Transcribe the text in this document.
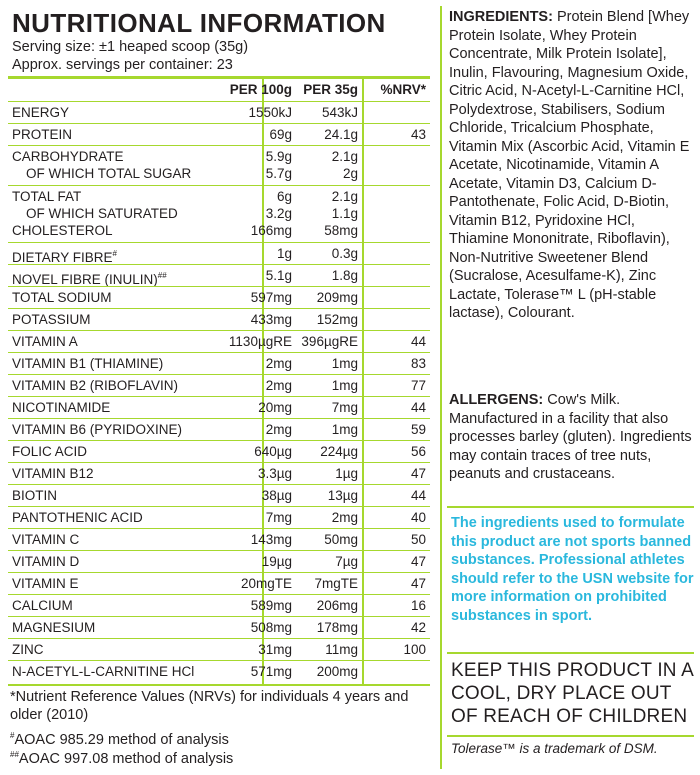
NUTRITIONAL INFORMATION
Serving size: ±1 heaped scoop (35g)
Approx. servings per container: 23
PER 100g PER 35g %NRV*
ENERGY	1550kJ 543kJ
PROTEIN	69g 24.1g	43
CARBOHYDRATE	5.9g	2.1g
OF WHICH TOTAL SUGAR	5.7g	2g
TOTAL FAT	6g	2.1g
OF WHICH SATURATED	3.2g	1.1g
CHOLESTEROL	166mg 58mg
DIETARY FIBRE#	1g	0.3g
NOVEL FIBRE (INULIN)##	5.1g	1.8g
TOTAL SODIUM	597mg 209mg
POTASSIUM	433mg 152mg
VITAMIN A	1130µgRE 396µgRE	44
VITAMIN B1 (THIAMINE)	2mg	1mg	83
VITAMIN B2 (RIBOFLAVIN)	2mg	1mg	77
NICOTINAMIDE	20mg	7mg	44
VITAMIN B6 (PYRIDOXINE)	2mg	1mg	59
FOLIC ACID	640µg 224µg	56
VITAMIN B12	3.3µg	1µg	47
BIOTIN	38µg	13µg	44
PANTOTHENIC ACID	7mg	2mg	40
VITAMIN C	143mg 50mg	50
VITAMIN D	19µg	7µg	47
VITAMIN E	20mgTE 7mgTE	47
CALCIUM	589mg 206mg	16
MAGNESIUM	508mg 178mg	42
ZINC	31mg 11mg	100
N-ACETYL-L-CARNITINE HCl	571mg 200mg
*Nutrient Reference Values (NRVs) for individuals 4 years and older (2010)
#AOAC 985.29 method of analysis
##AOAC 997.08 method of analysis
INGREDIENTS: Protein Blend [Whey Protein Isolate, Whey Protein Concentrate, Milk Protein Isolate], Inulin, Flavouring, Magnesium Oxide, Citric Acid, N-Acetyl-L-Carnitine HCl, Polydextrose, Stabilisers, Sodium Chloride, Tricalcium Phosphate, Vitamin Mix (Ascorbic Acid, Vitamin E Acetate, Nicotinamide, Vitamin A Acetate, Vitamin D3, Calcium D-Pantothenate, Folic Acid, D-Biotin, Vitamin B12, Pyridoxine HCl, Thiamine Mononitrate, Riboflavin), Non-Nutritive Sweetener Blend (Sucralose, Acesulfame-K), Zinc Lactate, Tolerase™ L (pH-stable lactase), Colourant.
ALLERGENS: Cow's Milk. Manufactured in a facility that also processes barley (gluten). Ingredients may contain traces of tree nuts, peanuts and crustaceans.
The ingredients used to formulate this product are not sports banned substances. Professional athletes should refer to the USN website for more information on prohibited substances in sport.
KEEP THIS PRODUCT IN A COOL, DRY PLACE OUT OF REACH OF CHILDREN
Tolerase™ is a trademark of DSM.
